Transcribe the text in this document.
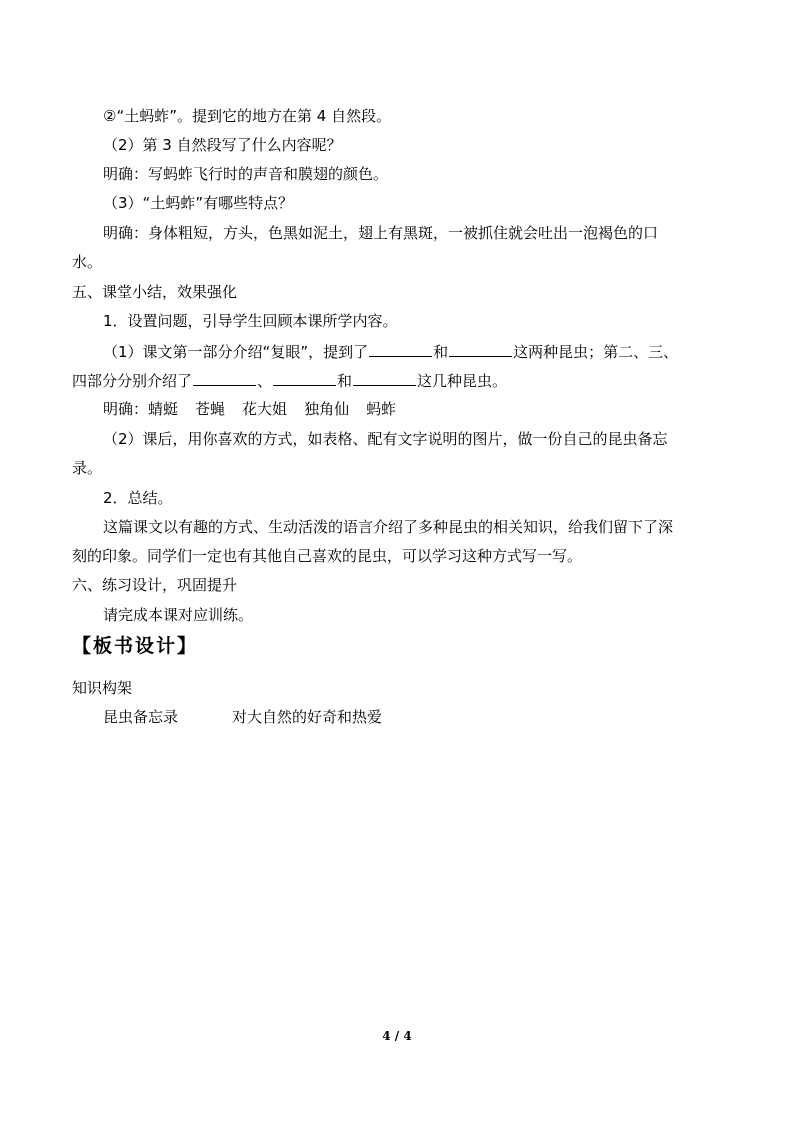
②“土蚂蚱”。提到它的地方在第 4 自然段。
（2）第 3 自然段写了什么内容呢？
明确：写蚂蚱飞行时的声音和膜翅的颜色。
（3）“土蚂蚱”有哪些特点？
明确：身体粗短，方头，色黑如泥土，翅上有黑斑，一被抓住就会吐出一泡褐色的口
水。
五、课堂小结，效果强化
1．设置问题，引导学生回顾本课所学内容。
（1）课文第一部分介绍“复眼”，提到了	和	这两种昆虫；第二、三、
四部分分别介绍了	、	和	这几种昆虫。
明确：蜻蜓 苍蝇 花大姐 独角仙 蚂蚱
（2）课后，用你喜欢的方式，如表格、配有文字说明的图片，做一份自己的昆虫备忘
录。
2．总结。
这篇课文以有趣的方式、生动活泼的语言介绍了多种昆虫的相关知识，给我们留下了深
刻的印象。同学们一定也有其他自己喜欢的昆虫，可以学习这种方式写一写。
六、练习设计，巩固提升
请完成本课对应训练。
【板书设计】
知识构架
昆虫备忘录	对大自然的好奇和热爱
4 / 4
